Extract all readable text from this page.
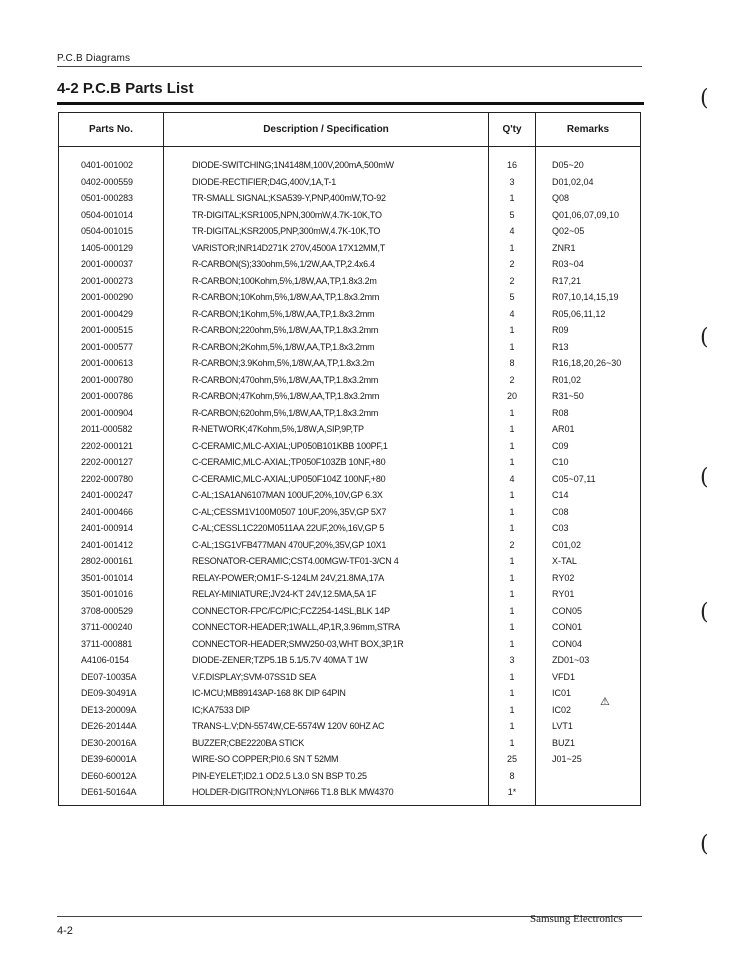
P.C.B Diagrams
4-2 P.C.B Parts List
Parts No.	Description / Specification	Q'ty	Remarks
0401-001002	DIODE-SWITCHING;1N4148M,100V,200mA,500mW	16	D05~20
0402-000559	DIODE-RECTIFIER;D4G,400V,1A,T-1	3	D01,02,04
0501-000283	TR-SMALL SIGNAL;KSA539-Y,PNP,400mW,TO-92	1	Q08
0504-001014	TR-DIGITAL;KSR1005,NPN,300mW,4.7K-10K,TO	5	Q01,06,07,09,10
0504-001015	TR-DIGITAL;KSR2005,PNP,300mW,4.7K-10K,TO	4	Q02~05
1405-000129	VARISTOR;INR14D271K 270V,4500A 17X12MM,T	1	ZNR1
2001-000037	R-CARBON(S);330ohm,5%,1/2W,AA,TP,2.4x6.4	2	R03~04
2001-000273	R-CARBON;100Kohm,5%,1/8W,AA,TP,1.8x3.2m	2	R17,21
2001-000290	R-CARBON;10Kohm,5%,1/8W,AA,TP,1.8x3.2mm	5	R07,10,14,15,19
2001-000429	R-CARBON;1Kohm,5%,1/8W,AA,TP,1.8x3.2mm	4	R05,06,11,12
2001-000515	R-CARBON;220ohm,5%,1/8W,AA,TP,1.8x3.2mm	1	R09
2001-000577	R-CARBON;2Kohm,5%,1/8W,AA,TP,1.8x3.2mm	1	R13
2001-000613	R-CARBON;3.9Kohm,5%,1/8W,AA,TP,1.8x3.2m	8	R16,18,20,26~30
2001-000780	R-CARBON;470ohm,5%,1/8W,AA,TP,1.8x3.2mm	2	R01,02
2001-000786	R-CARBON;47Kohm,5%,1/8W,AA,TP,1.8x3.2mm	20	R31~50
2001-000904	R-CARBON;620ohm,5%,1/8W,AA,TP,1.8x3.2mm	1	R08
2011-000582	R-NETWORK;47Kohm,5%,1/8W,A,SIP,9P,TP	1	AR01
2202-000121	C-CERAMIC,MLC-AXIAL;UP050B101KBB 100PF,1	1	C09
2202-000127	C-CERAMIC,MLC-AXIAL;TP050F103ZB 10NF,+80	1	C10
2202-000780	C-CERAMIC,MLC-AXIAL;UP050F104Z 100NF,+80	4	C05~07,11
2401-000247	C-AL;1SA1AN6107MAN 100UF,20%,10V,GP 6.3X	1	C14
2401-000466	C-AL;CESSM1V100M0507 10UF,20%,35V,GP 5X7	1	C08
2401-000914	C-AL;CESSL1C220M0511AA 22UF,20%,16V,GP 5	1	C03
2401-001412	C-AL;1SG1VFB477MAN 470UF,20%,35V,GP 10X1	2	C01,02
2802-000161	RESONATOR-CERAMIC;CST4.00MGW-TF01-3/CN 4	1	X-TAL
3501-001014	RELAY-POWER;OM1F-S-124LM 24V,21.8MA,17A	1	RY02
3501-001016	RELAY-MINIATURE;JV24-KT 24V,12.5MA,5A 1F	1	RY01
3708-000529	CONNECTOR-FPC/FC/PIC;FCZ254-14SL,BLK 14P	1	CON05
3711-000240	CONNECTOR-HEADER;1WALL,4P,1R,3.96mm,STRA	1	CON01
3711-000881	CONNECTOR-HEADER;SMW250-03,WHT BOX,3P,1R	1	CON04
A4106-0154	DIODE-ZENER;TZP5.1B 5.1/5.7V 40MA T 1W	3	ZD01~03
DE07-10035A	V.F.DISPLAY;SVM-07SS1D SEA	1	VFD1
DE09-30491A	IC-MCU;MB89143AP-168 8K DIP 64PIN	1	IC01
DE13-20009A	IC;KA7533 DIP	1	IC02
DE26-20144A	TRANS-L.V;DN-5574W,CE-5574W 120V 60HZ AC	1	LVT1
DE30-20016A	BUZZER;CBE2220BA STICK	1	BUZ1
DE39-60001A	WIRE-SO COPPER;PI0.6 SN T 52MM	25	J01~25
DE60-60012A	PIN-EYELET;ID2.1 OD2.5 L3.0 SN BSP T0.25	8	
DE61-50164A	HOLDER-DIGITRON;NYLON#66 T1.8 BLK MW4370	1*	
⚠
(
(
(
(
(
4-2
Samsung Electronics
